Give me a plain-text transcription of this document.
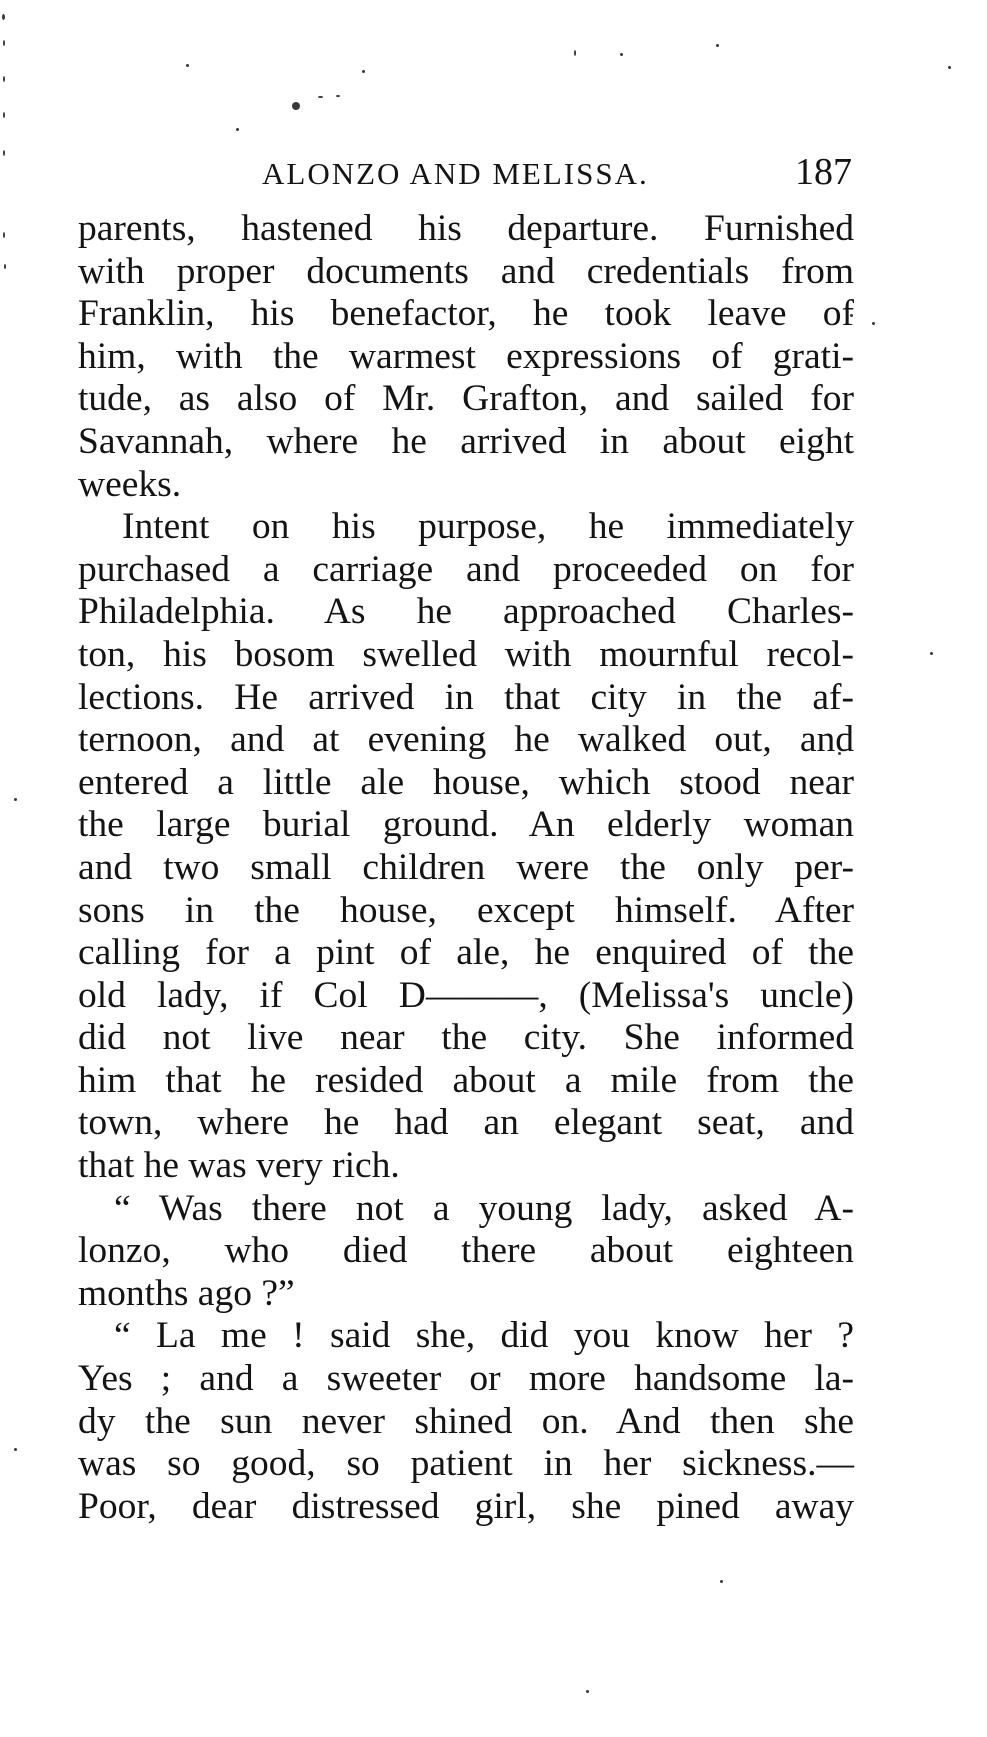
ALONZO AND MELISSA.	187
parents, hastened his departure. Furnished
with proper documents and credentials from
Franklin, his benefactor, he took leave of
him, with the warmest expressions of grati-
tude, as also of Mr. Grafton, and sailed for
Savannah, where he arrived in about eight
weeks.
Intent on his purpose, he immediately
purchased a carriage and proceeded on for
Philadelphia. As he approached Charles-
ton, his bosom swelled with mournful recol-
lections. He arrived in that city in the af-
ternoon, and at evening he walked out, and
entered a little ale house, which stood near
the large burial ground. An elderly woman
and two small children were the only per-
sons in the house, except himself. After
calling for a pint of ale, he enquired of the
old lady, if Col D———, (Melissa's uncle)
did not live near the city. She informed
him that he resided about a mile from the
town, where he had an elegant seat, and
that he was very rich.
“ Was there not a young lady, asked A-
lonzo, who died there about eighteen
months ago ?”
“ La me ! said she, did you know her ?
Yes ; and a sweeter or more handsome la-
dy the sun never shined on. And then she
was so good, so patient in her sickness.—
Poor, dear distressed girl, she pined away
